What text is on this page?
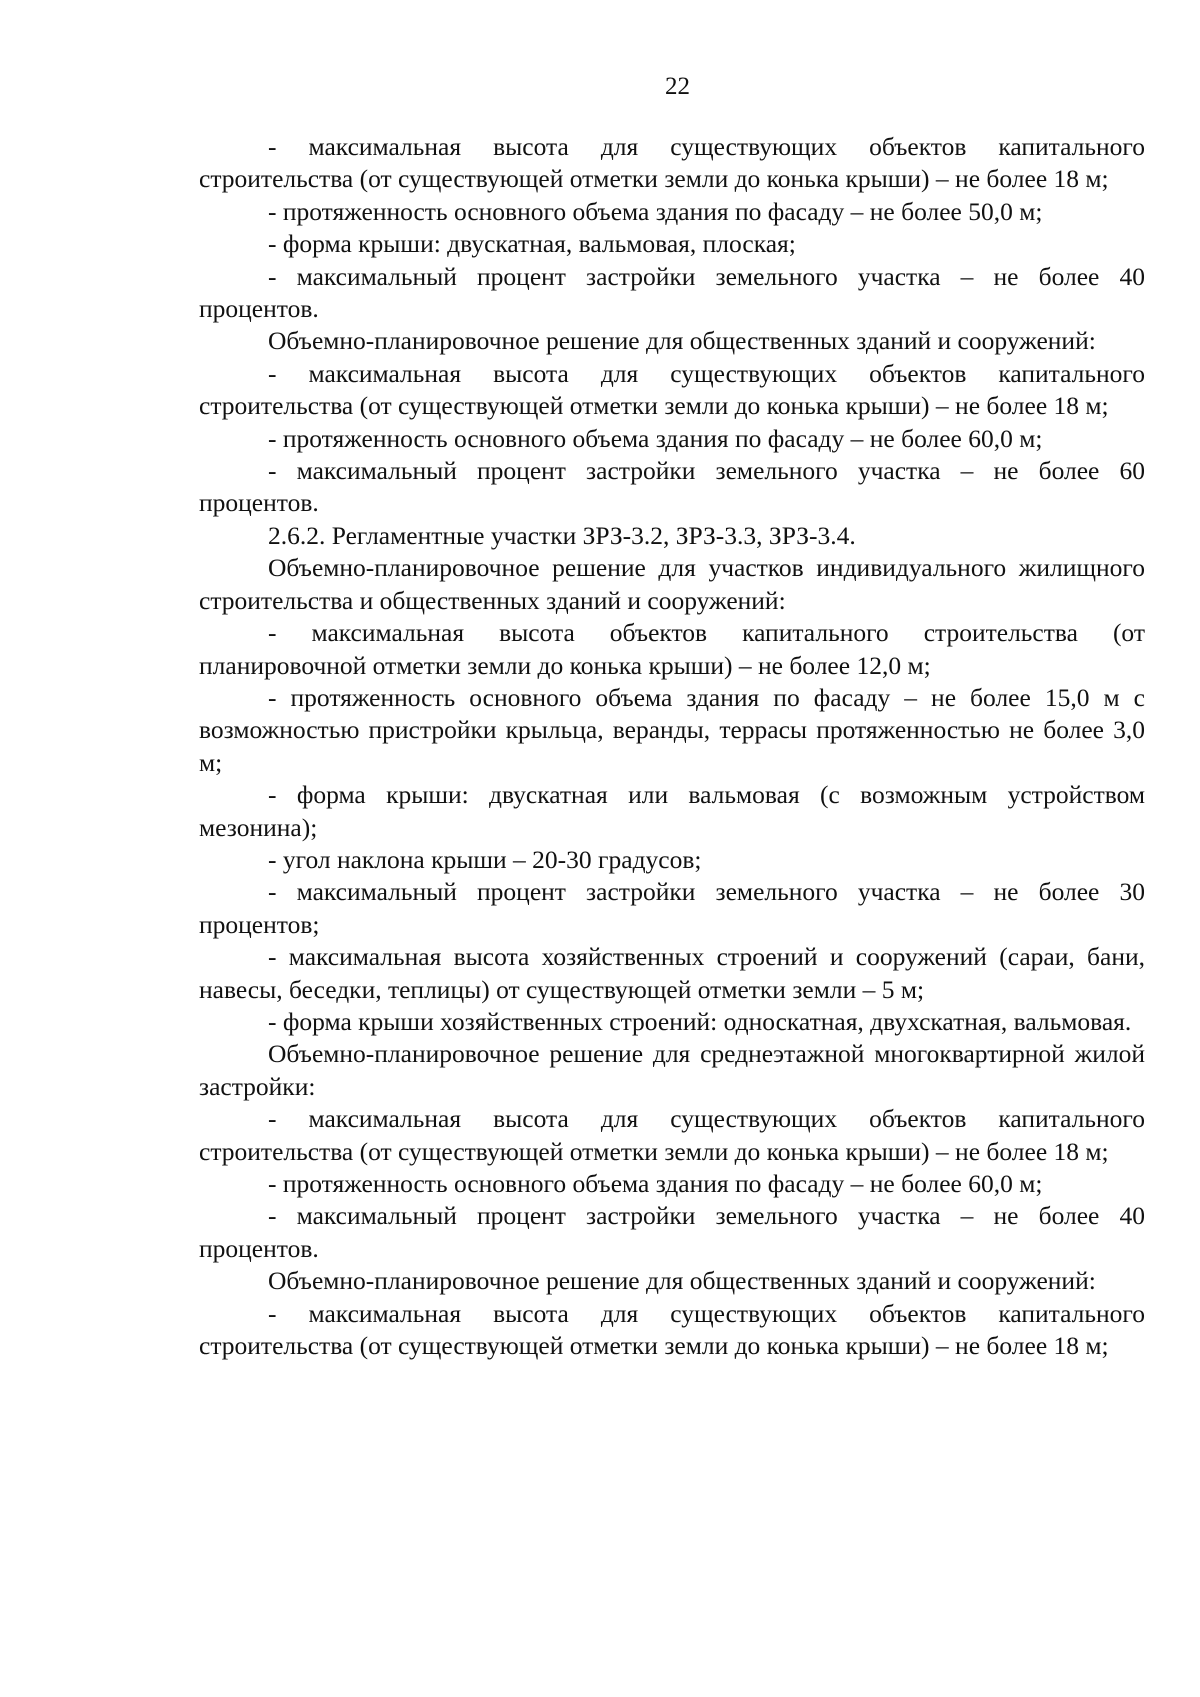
22

- максимальная высота для существующих объектов капитального строительства (от существующей отметки земли до конька крыши) – не более 18 м;

- протяженность основного объема здания по фасаду – не более 50,0 м;

- форма крыши: двускатная, вальмовая, плоская;

- максимальный процент застройки земельного участка – не более 40 процентов.

Объемно-планировочное решение для общественных зданий и сооружений:

- максимальная высота для существующих объектов капитального строительства (от существующей отметки земли до конька крыши) – не более 18 м;

- протяженность основного объема здания по фасаду – не более 60,0 м;

- максимальный процент застройки земельного участка – не более 60 процентов.

2.6.2. Регламентные участки ЗРЗ-3.2, ЗРЗ-3.3, ЗРЗ-3.4.

Объемно-планировочное решение для участков индивидуального жилищного строительства и общественных зданий и сооружений:

- максимальная высота объектов капитального строительства (от планировочной отметки земли до конька крыши) – не более 12,0 м;

- протяженность основного объема здания по фасаду – не более 15,0 м с возможностью пристройки крыльца, веранды, террасы протяженностью не более 3,0 м;

- форма крыши: двускатная или вальмовая (с возможным устройством мезонина);

- угол наклона крыши – 20-30 градусов;

- максимальный процент застройки земельного участка – не более 30 процентов;

- максимальная высота хозяйственных строений и сооружений (сараи, бани, навесы, беседки, теплицы) от существующей отметки земли – 5 м;

- форма крыши хозяйственных строений: односкатная, двухскатная, вальмовая.

Объемно-планировочное решение для среднеэтажной многоквартирной жилой застройки:

- максимальная высота для существующих объектов капитального строительства (от существующей отметки земли до конька крыши) – не более 18 м;

- протяженность основного объема здания по фасаду – не более 60,0 м;

- максимальный процент застройки земельного участка – не более 40 процентов.

Объемно-планировочное решение для общественных зданий и сооружений:

- максимальная высота для существующих объектов капитального строительства (от существующей отметки земли до конька крыши) – не более 18 м;
